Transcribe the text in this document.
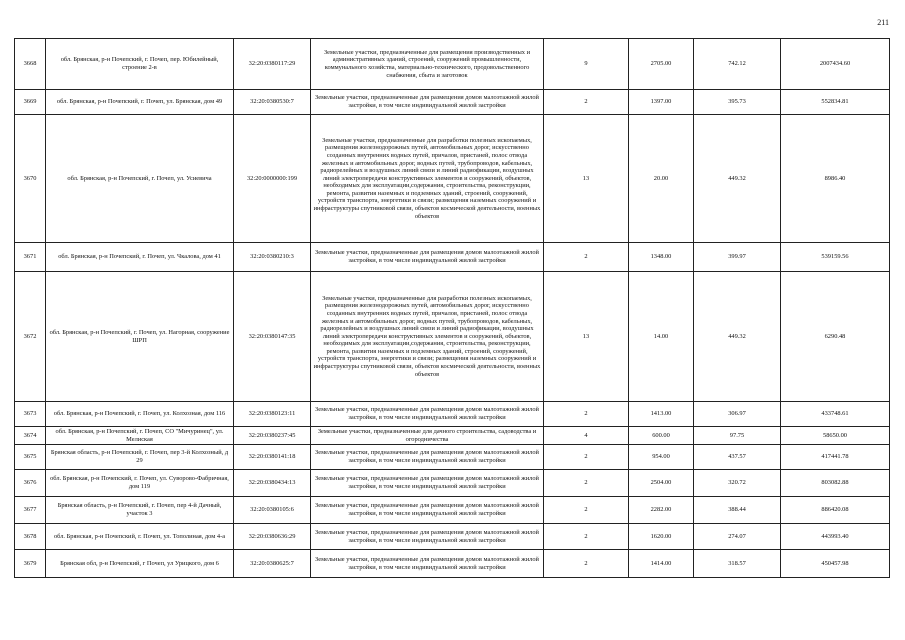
211
3668	обл. Брянская, р-н Почепский, г. Почеп, пер. Юбилейный, строение 2-в	32:20:0380117:29	Земельные участки, предназначенные для размещения производственных и административных зданий, строений, сооружений промышленности, коммунального хозяйства, материально-технического, продовольственного снабжения, сбыта и заготовок	9	2705.00	742.12	2007434.60
3669	обл. Брянская, р-н Почепский, г. Почеп, ул. Брянская, дом 49	32:20:0380530:7	Земельные участки, предназначенные для размещения домов малоэтажной жилой застройки, в том числе индивидуальной жилой застройки	2	1397.00	395.73	552834.81
3670	обл. Брянская, р-н Почепский, г. Почеп, ул. Усиевича	32:20:0000000:199	Земельные участки, предназначенные для разработки полезных ископаемых, размещения железнодорожных путей, автомобильных дорог, искусственно созданных внутренних водных путей, причалов, пристаней, полос отвода железных и автомобильных дорог, водных путей, трубопроводов, кабельных, радиорелейных и воздушных линий связи и линий радиофикации, воздушных линий электропередачи конструктивных элементов и сооружений, объектов, необходимых для эксплуатации,содержания, строительства, реконструкции, ремонта, развития наземных и подземных зданий, строений, сооружений, устройств транспорта, энергетики и связи; размещения наземных сооружений и инфраструктуры спутниковой связи, объектов космической деятельности, военных объектов	13	20.00	449.32	8986.40
3671	обл. Брянская, р-н Почепский, г. Почеп, ул. Чкалова, дом 41	32:20:0380210:3	Земельные участки, предназначенные для размещения домов малоэтажной жилой застройки, в том числе индивидуальной жилой застройки	2	1348.00	399.97	539159.56
3672	обл. Брянская, р-н Почепский, г. Почеп, ул. Нагорная, сооружение ШРП	32:20:0380147:35	Земельные участки, предназначенные для разработки полезных ископаемых, размещения железнодорожных путей, автомобильных дорог, искусственно созданных внутренних водных путей, причалов, пристаней, полос отвода железных и автомобильных дорог, водных путей, трубопроводов, кабельных, радиорелейных и воздушных линий связи и линий радиофикации, воздушных линий электропередачи конструктивных элементов и сооружений, объектов, необходимых для эксплуатации,содержания, строительства, реконструкции, ремонта, развития наземных и подземных зданий, строений, сооружений, устройств транспорта, энергетики и связи; размещения наземных сооружений и инфраструктуры спутниковой связи, объектов космической деятельности, военных объектов	13	14.00	449.32	6290.48
3673	обл. Брянская, р-н Почепский, г. Почеп, ул. Колхозная, дом 116	32:20:0380123:11	Земельные участки, предназначенные для размещения домов малоэтажной жилой застройки, в том числе индивидуальной жилой застройки	2	1413.00	306.97	433748.61
3674	обл. Брянская, р-н Почепский, г. Почеп, СО "Мичуринец", ул. Мелиская	32:20:0380237:45	Земельные участки, предназначенные для дачного строительства, садоводства и огородничества	4	600.00	97.75	58650.00
3675	Брянская область, р-н Почепский, г. Почеп, пер 3-й Колхозный, д 29	32:20:0380141:18	Земельные участки, предназначенные для размещения домов малоэтажной жилой застройки, в том числе индивидуальной жилой застройки	2	954.00	437.57	417441.78
3676	обл. Брянская, р-н Почепский, г. Почеп, ул. Суворово-Фабричная, дом 119	32:20:0380434:13	Земельные участки, предназначенные для размещения домов малоэтажной жилой застройки, в том числе индивидуальной жилой застройки	2	2504.00	320.72	803082.88
3677	Брянская область, р-н Почепский, г. Почеп, пер 4-й Дачный, участок 3	32:20:0380105:6	Земельные участки, предназначенные для размещения домов малоэтажной жилой застройки, в том числе индивидуальной жилой застройки	2	2282.00	388.44	886420.08
3678	обл. Брянская, р-н Почепский, г. Почеп, ул. Тополиная, дом 4-а	32:20:0380636:29	Земельные участки, предназначенные для размещения домов малоэтажной жилой застройки, в том числе индивидуальной жилой застройки	2	1620.00	274.07	443993.40
3679	Брянская обл, р-н Почепский, г Почеп, ул Урицкого, дом 6	32:20:0380625:7	Земельные участки, предназначенные для размещения домов малоэтажной жилой застройки, в том числе индивидуальной жилой застройки	2	1414.00	318.57	450457.98
